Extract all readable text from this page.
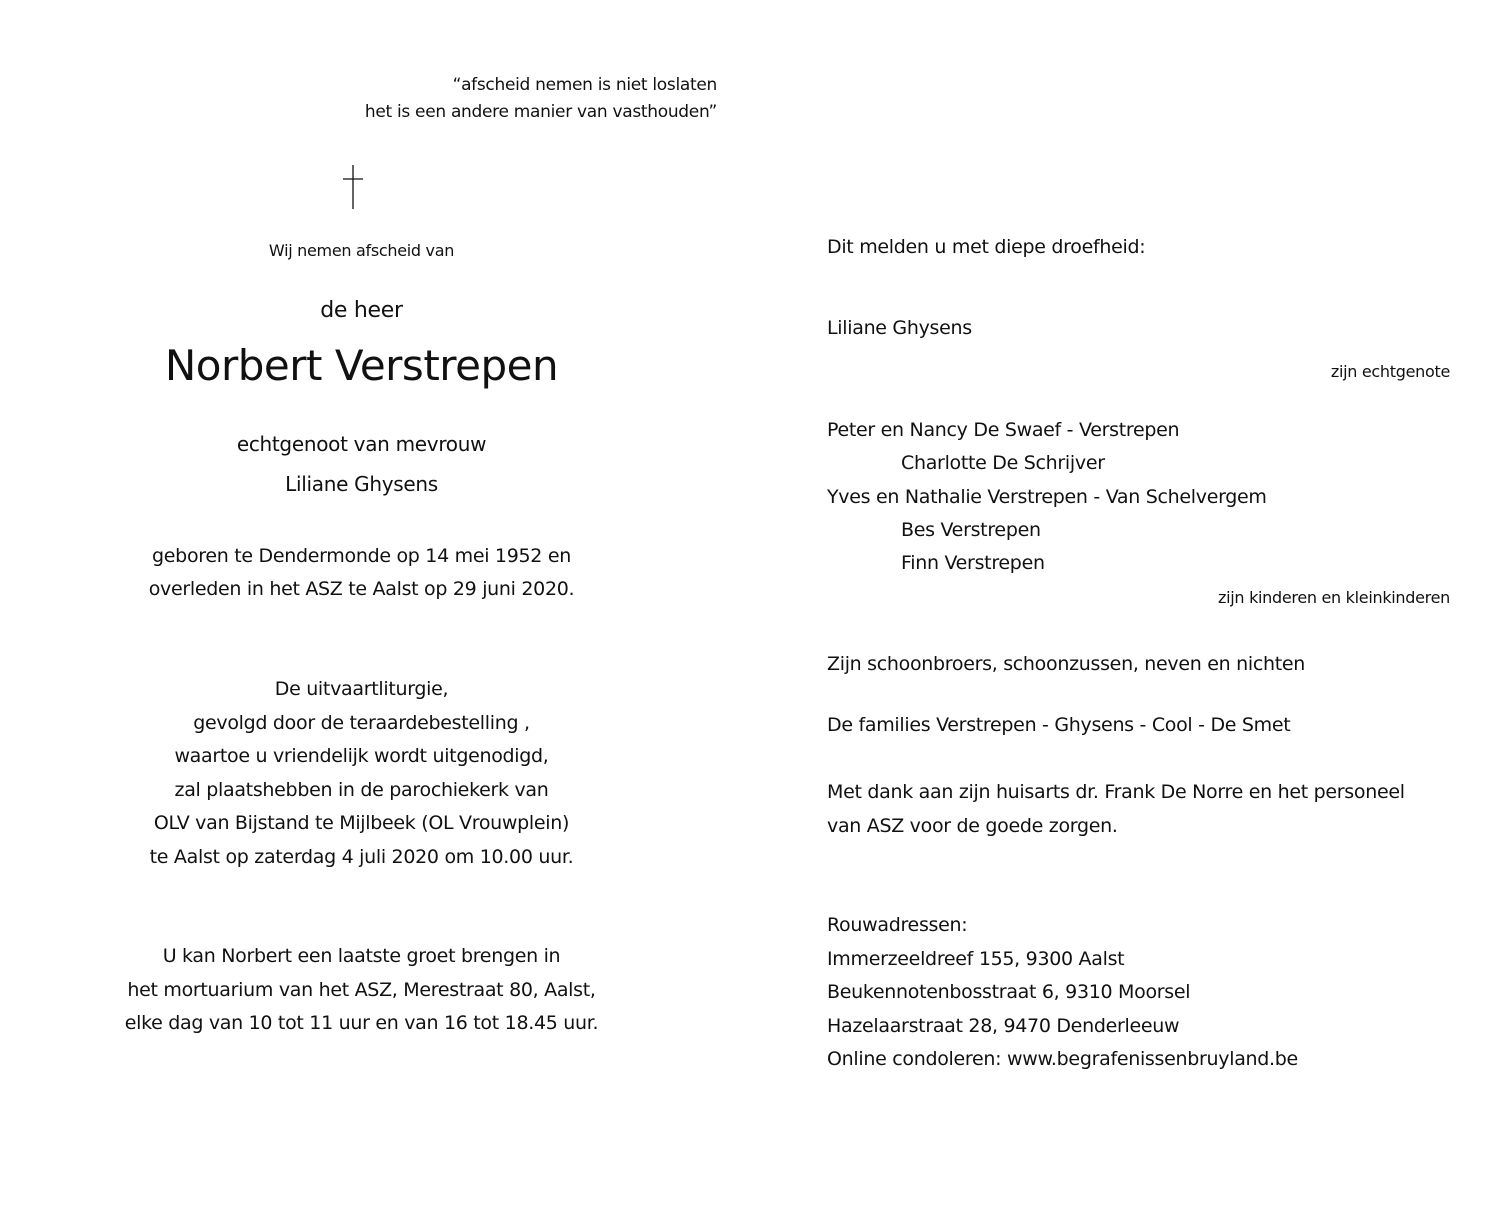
“afscheid nemen is niet loslaten
het is een andere manier van vasthouden”
Wij nemen afscheid van
de heer
Norbert Verstrepen
echtgenoot van mevrouw
Liliane Ghysens
geboren te Dendermonde op 14 mei 1952 en
overleden in het ASZ te Aalst op 29 juni 2020.
De uitvaartliturgie,
gevolgd door de teraardebestelling ,
waartoe u vriendelijk wordt uitgenodigd,
zal plaatshebben in de parochiekerk van
OLV van Bijstand te Mijlbeek (OL Vrouwplein)
te Aalst op zaterdag 4 juli 2020 om 10.00 uur.
U kan Norbert een laatste groet brengen in
het mortuarium van het ASZ, Merestraat 80, Aalst,
elke dag van 10 tot 11 uur en van 16 tot 18.45 uur.
Dit melden u met diepe droefheid:
Liliane Ghysens
zijn echtgenote
Peter en Nancy De Swaef - Verstrepen
Charlotte De Schrijver
Yves en Nathalie Verstrepen - Van Schelvergem
Bes Verstrepen
Finn Verstrepen
zijn kinderen en kleinkinderen
Zijn schoonbroers, schoonzussen, neven en nichten
De families Verstrepen - Ghysens - Cool - De Smet
Met dank aan zijn huisarts dr. Frank De Norre en het personeel
van ASZ voor de goede zorgen.
Rouwadressen:
Immerzeeldreef 155, 9300 Aalst
Beukennotenbosstraat 6, 9310 Moorsel
Hazelaarstraat 28, 9470 Denderleeuw
Online condoleren: www.begrafenissenbruyland.be
